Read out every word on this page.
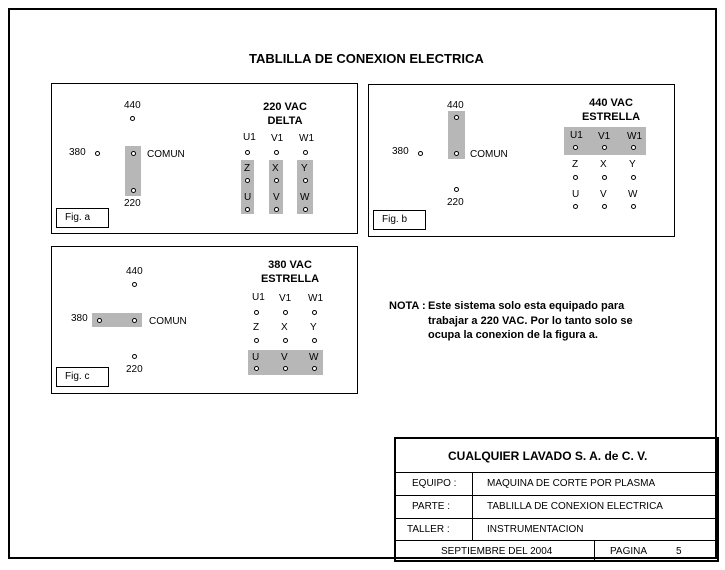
TABLILLA DE CONEXION ELECTRICA
440
380	COMUN
220
220 VAC
DELTA
U1 V1 W1
Z X Y
U V W
Fig. a
440
380	COMUN
220
440 VAC
ESTRELLA
U1 V1 W1
Z X Y
U V W
Fig. b
440
380	COMUN
220
380 VAC
ESTRELLA
U1 V1 W1
Z X Y
U V W
Fig. c
NOTA : Este sistema solo esta equipado para
trabajar a 220 VAC. Por lo tanto solo se
ocupa la conexion de la figura a.
CUALQUIER LAVADO S. A. de C. V.
EQUIPO :	MAQUINA DE CORTE POR PLASMA
PARTE :	TABLILLA DE CONEXION ELECTRICA
TALLER :	INSTRUMENTACION
SEPTIEMBRE DEL 2004	PAGINA	5
